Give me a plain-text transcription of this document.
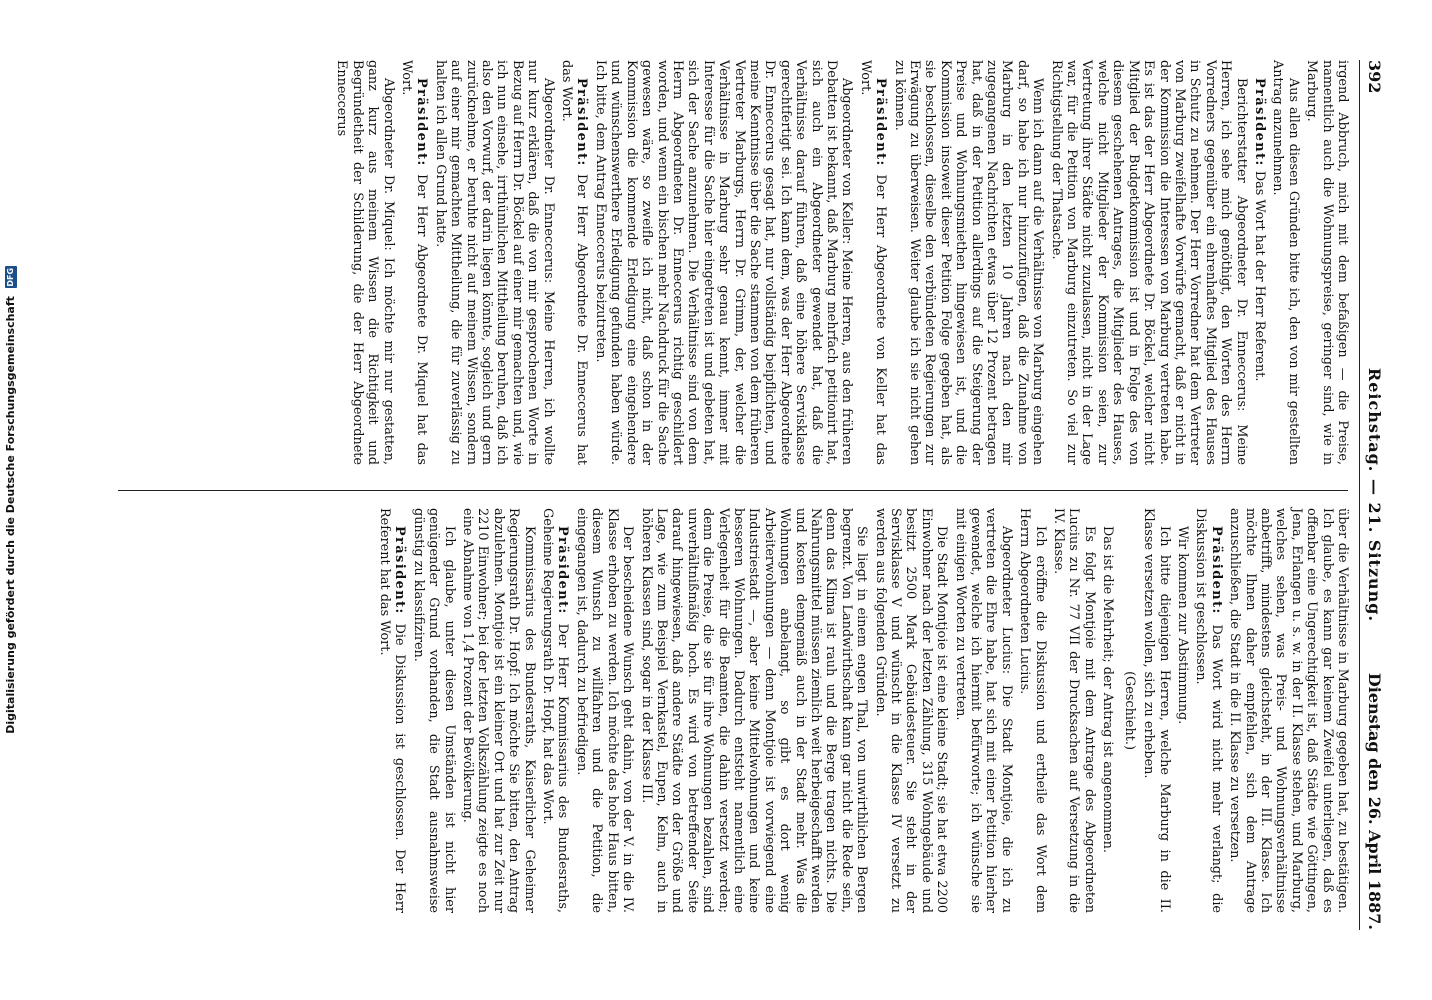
392
Reichstag. — 21. Sitzung.
Dienstag den 26. April 1887.

irgend Abbruch, mich mit dem befaßigen — die Preise, namentlich auch die Wohnungspreise, geringer sind, wie in Marburg.

Aus allen diesen Gründen bitte ich, den von mir gestellten Antrag anzunehmen.

Präsident: Das Wort hat der Herr Referent.

Berichterstatter Abgeordneter Dr. Enneccerus: Meine Herren, ich sehe mich genöthigt, den Worten des Herrn Vorredners gegenüber ein ehrenhaftes Mitglied des Hauses in Schutz zu nehmen. Der Herr Vorredner hat dem Vertreter von Marburg zweifelhafte Vorwürfe gemacht, daß er nicht in der Kommission die Interessen von Marburg vertreten habe. Es ist das der Herr Abgeordnete Dr. Böckel, welcher nicht Mitglied der Budgetkommission ist und in Folge des von diesem geschehenen Antrages, die Mitglieder des Hauses, welche nicht Mitglieder der Kommission seien, zur Vertretung ihrer Städte nicht zuzulassen, nicht in der Lage war, für die Petition von Marburg einzutreten. So viel zur Richtigstellung der Thatsache.

Wenn ich dann auf die Verhältnisse von Marburg eingehen darf, so habe ich nur hinzuzufügen, daß die Zunahme von Marburg in den letzten 10 Jahren nach den mir zugegangenen Nachrichten etwas über 12 Prozent betragen hat, daß in der Petition allerdings auf die Steigerung der Preise und Wohnungsmiethen hingewiesen ist, und die Kommission insoweit dieser Petition Folge gegeben hat, als sie beschlossen, dieselbe den verbündeten Regierungen zur Erwägung zu überweisen. Weiter glaube ich sie nicht gehen zu können.

Präsident: Der Herr Abgeordnete von Keller hat das Wort.

Abgeordneter von Keller: Meine Herren, aus den früheren Debatten ist bekannt, daß Marburg mehrfach petitionirt hat, sich auch ein Abgeordneter gewendet hat, daß die Verhältnisse darauf führen, daß eine höhere Servisklasse gerechtfertigt sei. Ich kann dem, was der Herr Abgeordnete Dr. Enneccerus gesagt hat, nur vollständig beipflichten, und meine Kenntnisse über die Sache stammen von dem früheren Vertreter Marburgs, Herrn Dr. Grimm, der, welcher die Verhältnisse in Marburg sehr genau kennt, immer mit Interesse für die Sache hier eingetreten ist und gebeten hat, sich der Sache anzunehmen. Die Verhältnisse sind von dem Herrn Abgeordneten Dr. Enneccerus richtig geschildert worden, und wenn ein bischen mehr Nachdruck für die Sache gewesen wäre, so zweifle ich nicht, daß schon in der Kommission die kommende Erledigung eine eingehendere und wünschenswerthere Erledigung gefunden haben würde. Ich bitte, dem Antrag Enneccerus beizutreten.

Präsident: Der Herr Abgeordnete Dr. Enneccerus hat das Wort.

Abgeordneter Dr. Enneccerus: Meine Herren, ich wollte nur kurz erklären, daß die von mir gesprochenen Worte in Bezug auf Herrn Dr. Böckel auf einer mir gemachten und, wie ich nun einsehe, irrthümlichen Mittheilung beruhen, daß ich also den Vorwurf, der darin liegen könnte, sogleich und gern zurücknehme, er beruhte nicht auf meinem Wissen, sondern auf einer mir gemachten Mittheilung, die für zuverlässig zu halten ich allen Grund hatte.

Präsident: Der Herr Abgeordnete Dr. Miquel hat das Wort.

Abgeordneter Dr. Miquel: Ich möchte mir nur gestatten, ganz kurz aus meinem Wissen die Richtigkeit und Begründetheit der Schilderung, die der Herr Abgeordnete Enneccerus

über die Verhältnisse in Marburg gegeben hat, zu bestätigen. Ich glaube, es kann gar keinem Zweifel unterliegen, daß es offenbar eine Ungerechtigkeit ist, daß Städte wie Göttingen, Jena, Erlangen u. s. w. in der II. Klasse stehen, und Marburg, welches sehen, was Preis- und Wohnungsverhältnisse anbetrifft, mindestens gleichsteht, in der III. Klasse. Ich möchte Ihnen daher empfehlen, sich dem Antrage anzuschließen, die Stadt in die II. Klasse zu versetzen.

Präsident: Das Wort wird nicht mehr verlangt; die Diskussion ist geschlossen.

Wir kommen zur Abstimmung.

Ich bitte diejenigen Herren, welche Marburg in die II. Klasse versetzen wollen, sich zu erheben.

(Geschieht.)

Das ist die Mehrheit; der Antrag ist angenommen.

Es folgt Montjoie mit dem Antrage des Abgeordneten Lucius zu Nr. 77 VII der Drucksachen auf Versetzung in die IV. Klasse.

Ich eröffne die Diskussion und ertheile das Wort dem Herrn Abgeordneten Lucius.

Abgeordneter Lucius: Die Stadt Montjoie, die ich zu vertreten die Ehre habe, hat sich mit einer Petition hierher gewendet, welche ich hiermit befürworte; ich wünsche sie mit einigen Worten zu vertreten.

Die Stadt Montjoie ist eine kleine Stadt; sie hat etwa 2200 Einwohner nach der letzten Zählung, 315 Wohngebäude und besitzt 2500 Mark Gebäudesteuer. Sie steht in der Servisklasse V und wünscht in die Klasse IV versetzt zu werden aus folgenden Gründen.

Sie liegt in einem engen Thal, von unwirthlichen Bergen begrenzt. Von Landwirthschaft kann gar nicht die Rede sein, denn das Klima ist rauh und die Berge tragen nichts. Die Nahrungsmittel müssen ziemlich weit herbeigeschafft werden und kosten demgemäß auch in der Stadt mehr. Was die Wohnungen anbelangt, so gibt es dort wenig Arbeiterwohnungen — denn Montjoie ist vorwiegend eine Industriestadt —, aber keine Mittelwohnungen und keine besseren Wohnungen. Dadurch entsteht namentlich eine Verlegenheit für die Beamten, die dahin versetzt werden; denn die Preise, die sie für ihre Wohnungen bezahlen, sind unverhältnißmäßig hoch. Es wird von betreffender Seite darauf hingewiesen, daß andere Städte von der Größe und Lage, wie zum Beispiel Vernkastel, Eupen, Kelm, auch in höheren Klassen sind, sogar in der Klasse III.

Der bescheidene Wunsch geht dahin, von der V. in die IV. Klasse erhoben zu werden. Ich möchte das hohe Haus bitten, diesem Wunsch zu willfahren und die Petition, die eingegangen ist, dadurch zu befriedigen.

Präsident: Der Herr Kommissarius des Bundesraths, Geheime Regierungsrath Dr. Hopf, hat das Wort.

Kommissarius des Bundesraths, Kaiserlicher Geheimer Regierungsrath Dr. Hopf: Ich möchte Sie bitten, den Antrag abzulehnen. Montjoie ist ein kleiner Ort und hat zur Zeit nur 2210 Einwohner; bei der letzten Volkszählung zeigte es noch eine Abnahme von 1,4 Prozent der Bevölkerung.

Ich glaube, unter diesen Umständen ist nicht hier genügender Grund vorhanden, die Stadt ausnahmsweise günstig zu klassifiziren.

Präsident: Die Diskussion ist geschlossen. Der Herr Referent hat das Wort.

Digitalisierung gefördert durch die Deutsche Forschungsgemeinschaft DFG
